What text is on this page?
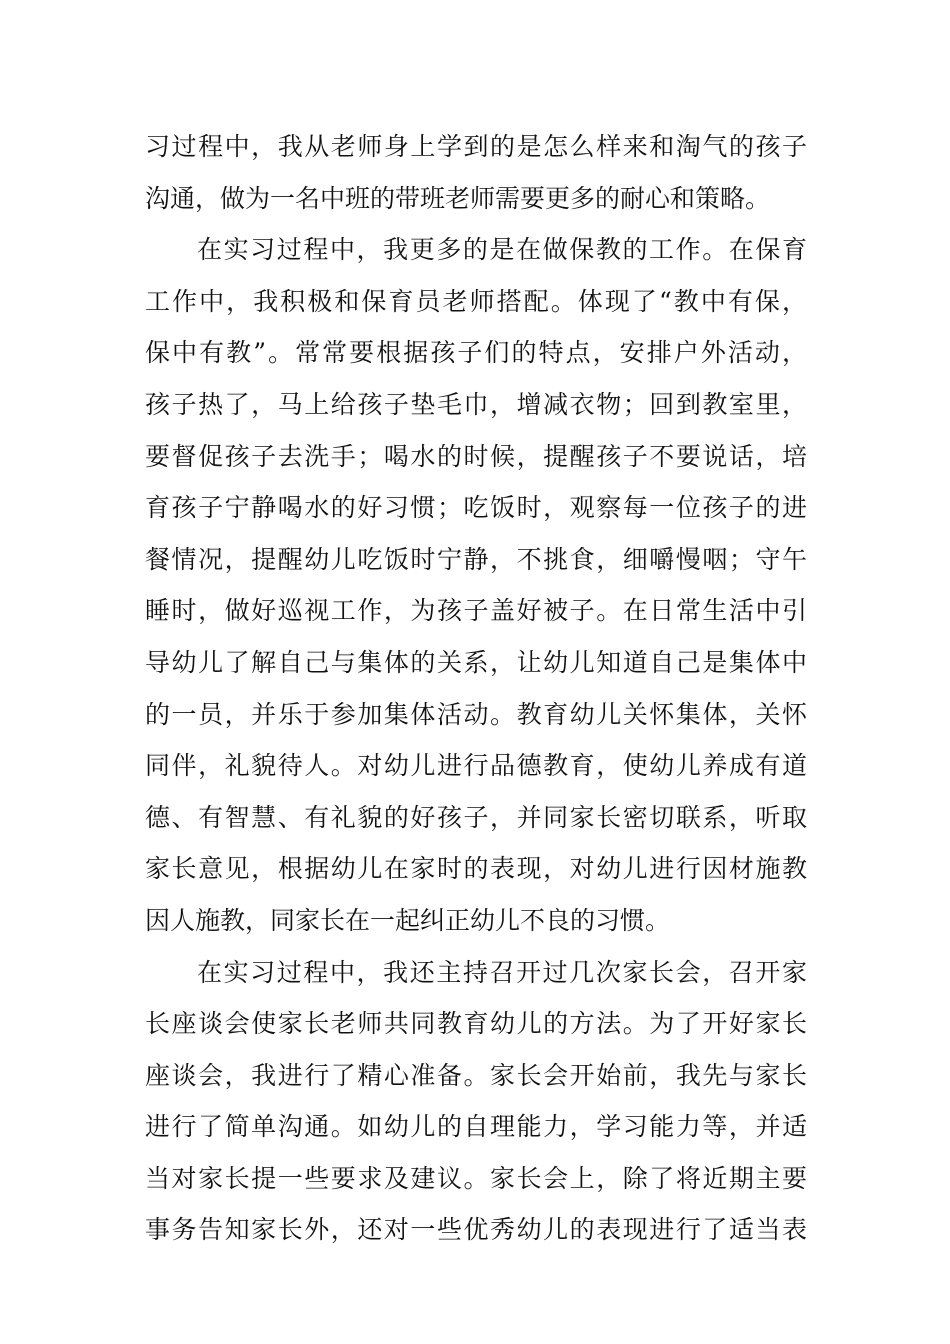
习过程中，我从老师身上学到的是怎么样来和淘气的孩子
沟通，做为一名中班的带班老师需要更多的耐心和策略。
在实习过程中，我更多的是在做保教的工作。在保育
工作中，我积极和保育员老师搭配。体现了“教中有保，
保中有教”。常常要根据孩子们的特点，安排户外活动，
孩子热了，马上给孩子垫毛巾，增减衣物；回到教室里，
要督促孩子去洗手；喝水的时候，提醒孩子不要说话，培
育孩子宁静喝水的好习惯；吃饭时，观察每一位孩子的进
餐情况，提醒幼儿吃饭时宁静，不挑食，细嚼慢咽；守午
睡时，做好巡视工作，为孩子盖好被子。在日常生活中引
导幼儿了解自己与集体的关系，让幼儿知道自己是集体中
的一员，并乐于参加集体活动。教育幼儿关怀集体，关怀
同伴，礼貌待人。对幼儿进行品德教育，使幼儿养成有道
德、有智慧、有礼貌的好孩子，并同家长密切联系，听取
家长意见，根据幼儿在家时的表现，对幼儿进行因材施教
因人施教，同家长在一起纠正幼儿不良的习惯。
在实习过程中，我还主持召开过几次家长会，召开家
长座谈会使家长老师共同教育幼儿的方法。为了开好家长
座谈会，我进行了精心准备。家长会开始前，我先与家长
进行了简单沟通。如幼儿的自理能力，学习能力等，并适
当对家长提一些要求及建议。家长会上，除了将近期主要
事务告知家长外，还对一些优秀幼儿的表现进行了适当表
